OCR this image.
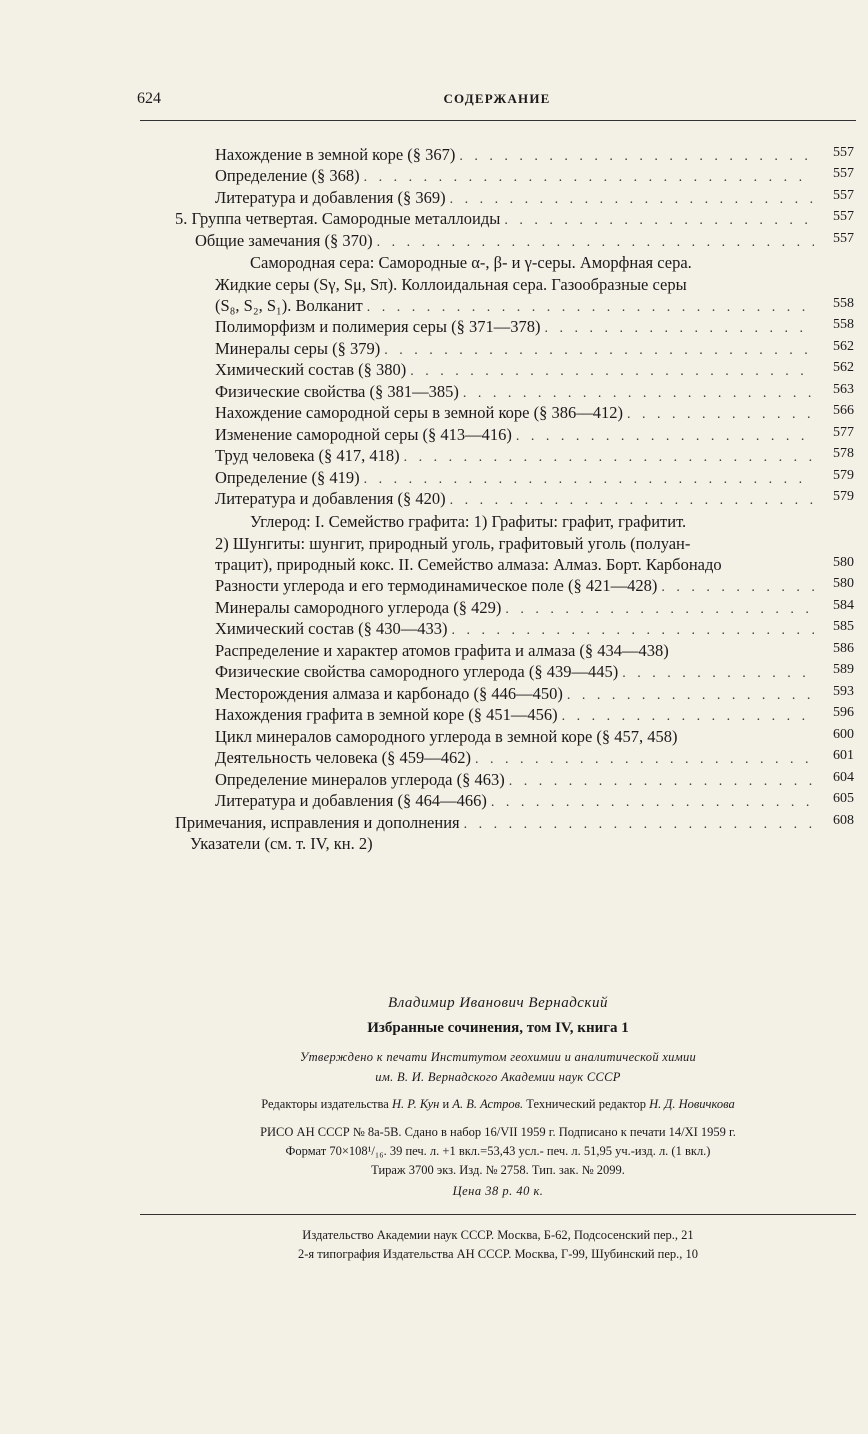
624	СОДЕРЖАНИЕ
Нахождение в земной коре (§ 367) . . .	557
Определение (§ 368) . . .	557
Литература и добавления (§ 369) . . .	557
5. Группа четвертая. Самородные металлоиды . . .	557
Общие замечания (§ 370) . . .	557
Самородная сера: Самородные α-, β- и γ-серы. Аморфная сера.
Жидкие серы (Sγ, Sμ, Sπ). Коллоидальная сера. Газообразные серы
(S₈, S₂, S₁). Волканит . . .	558
Полиморфизм и полимерия серы (§ 371—378) . . .	558
Минералы серы (§ 379) . . .	562
Химический состав (§ 380) . . .	562
Физические свойства (§ 381—385) . . .	563
Нахождение самородной серы в земной коре (§ 386—412) . . .	566
Изменение самородной серы (§ 413—416) . . .	577
Труд человека (§ 417, 418) . . .	578
Определение (§ 419) . . .	579
Литература и добавления (§ 420) . . .	579
Углерод: I. Семейство графита: 1) Графиты: графит, графитит.
2) Шунгиты: шунгит, природный уголь, графитовый уголь (полуан-
трацит), природный кокс. II. Семейство алмаза: Алмаз. Борт. Карбонадо	580
Разности углерода и его термодинамическое поле (§ 421—428) . . .	580
Минералы самородного углерода (§ 429) . . .	584
Химический состав (§ 430—433) . . .	585
Распределение и характер атомов графита и алмаза (§ 434—438)	586
Физические свойства самородного углерода (§ 439—445) . . .	589
Месторождения алмаза и карбонадо (§ 446—450) . . .	593
Нахождения графита в земной коре (§ 451—456) . . .	596
Цикл минералов самородного углерода в земной коре (§ 457, 458)	600
Деятельность человека (§ 459—462) . . .	601
Определение минералов углерода (§ 463) . . .	604
Литература и добавления (§ 464—466) . . .	605
Примечания, исправления и дополнения . . .	608
Указатели (см. т. IV, кн. 2)
Владимир Иванович Вернадский
Избранные сочинения, том IV, книга 1
Утверждено к печати Институтом геохимии и аналитической химии
им. В. И. Вернадского Академии наук СССР
Редакторы издательства Н. Р. Кун и А. В. Астров. Технический редактор Н. Д. Новичкова
РИСО АН СССР № 8а-5В. Сдано в набор 16/VII 1959 г. Подписано к печати 14/XI 1959 г.
Формат 70×108¹/₁₆. 39 печ. л. +1 вкл.=53,43 усл.- печ. л. 51,95 уч.-изд. л. (1 вкл.)
Тираж 3700 экз. Изд. № 2758. Тип. зак. № 2099.
Цена 38 р. 40 к.
Издательство Академии наук СССР. Москва, Б-62, Подсосенский пер., 21
2-я типография Издательства АН СССР. Москва, Г-99, Шубинский пер., 10
